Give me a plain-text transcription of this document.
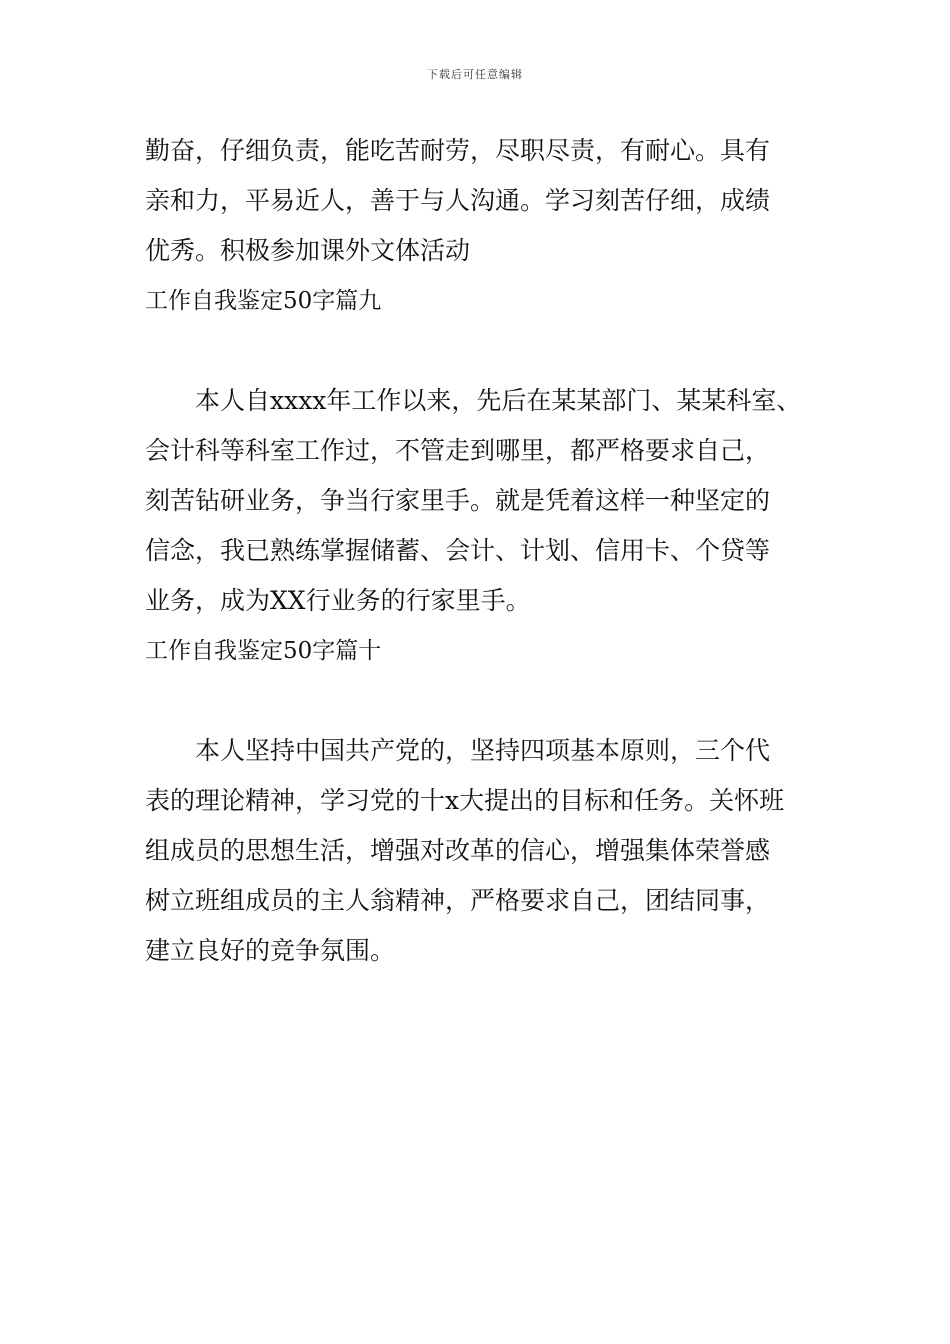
下载后可任意编辑

勤奋，仔细负责，能吃苦耐劳，尽职尽责，有耐心。具有
亲和力，平易近人，善于与人沟通。学习刻苦仔细，成绩
优秀。积极参加课外文体活动

工作自我鉴定50字篇九

本人自xxxx年工作以来，先后在某某部门、某某科室、
会计科等科室工作过，不管走到哪里，都严格要求自己，
刻苦钻研业务，争当行家里手。就是凭着这样一种坚定的
信念，我已熟练掌握储蓄、会计、计划、信用卡、个贷等
业务，成为XX行业务的行家里手。

工作自我鉴定50字篇十

本人坚持中国共产党的，坚持四项基本原则，三个代
表的理论精神，学习党的十x大提出的目标和任务。关怀班
组成员的思想生活，增强对改革的信心，增强集体荣誉感
树立班组成员的主人翁精神，严格要求自己，团结同事，
建立良好的竞争氛围。
